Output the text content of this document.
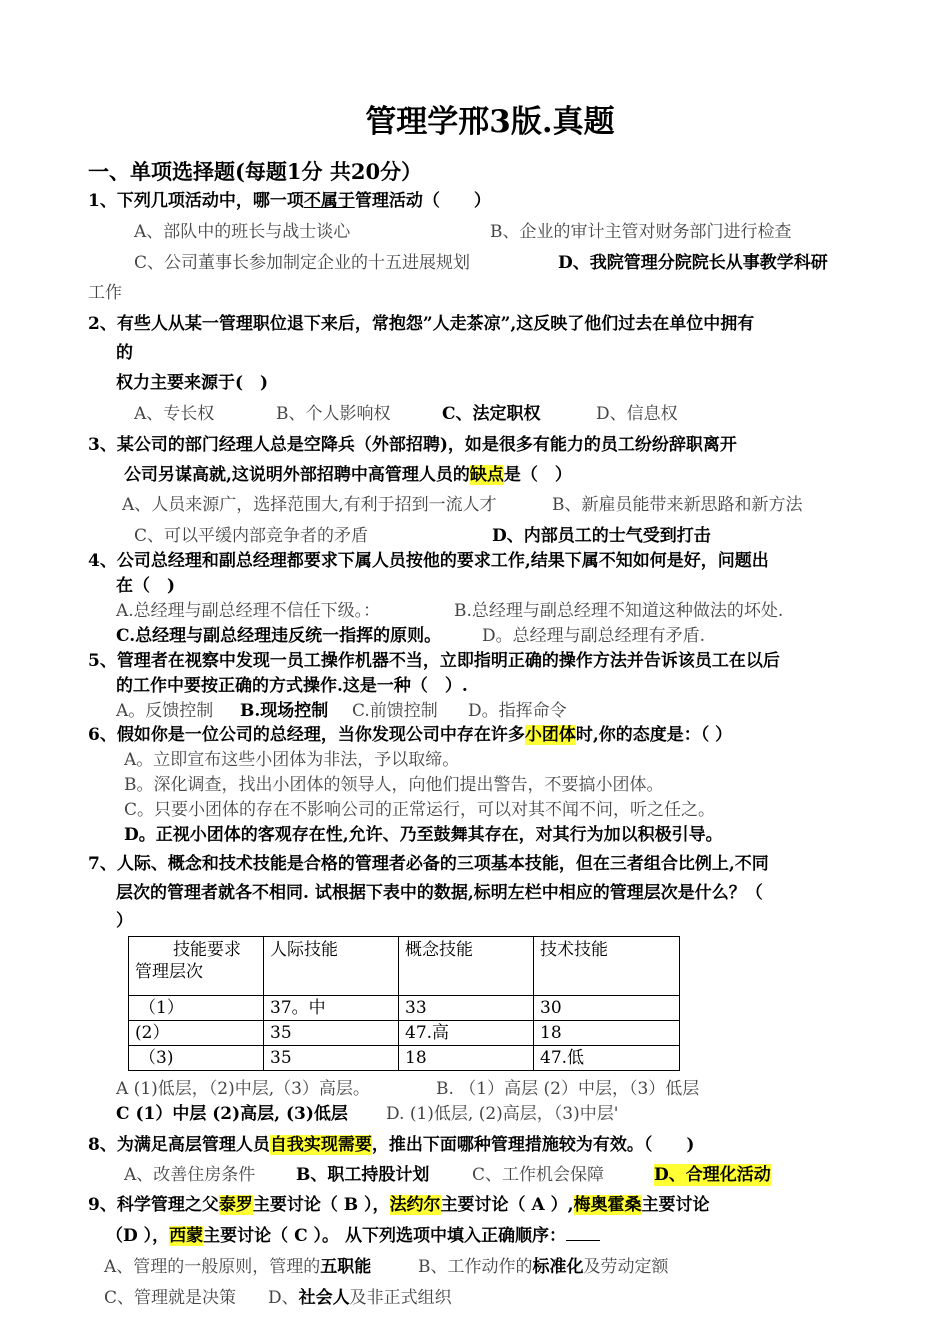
管理学邢3版.真题
一、单项选择题(每题1分 共20分）
1、下列几项活动中，哪一项不属于管理活动（　　）
A、部队中的班长与战士谈心	B、企业的审计主管对财务部门进行检查
C、公司董事长参加制定企业的十五进展规划	D、我院管理分院院长从事教学科研
工作
2、有些人从某一管理职位退下来后，常抱怨”人走茶凉”,这反映了他们过去在单位中拥有
的
权力主要来源于(　)
A、专长权	B、个人影响权	C、法定职权	D、信息权
3、某公司的部门经理人总是空降兵（外部招聘)，如是很多有能力的员工纷纷辞职离开
公司另谋高就,这说明外部招聘中高管理人员的缺点是（　）
A、人员来源广，选择范围大,有利于招到一流人才	B、新雇员能带来新思路和新方法
C、可以平缓内部竞争者的矛盾	D、内部员工的士气受到打击
4、公司总经理和副总经理都要求下属人员按他的要求工作,结果下属不知如何是好，问题出
在（　)
A.总经理与副总经理不信任下级。：	B.总经理与副总经理不知道这种做法的坏处.
C.总经理与副总经理违反统一指挥的原则。 D。总经理与副总经理有矛盾.
5、管理者在视察中发现一员工操作机器不当，立即指明正确的操作方法并告诉该员工在以后
的工作中要按正确的方式操作.这是一种（　）.
A。反馈控制 B.现场控制 C.前馈控制 D。指挥命令
6、假如你是一位公司的总经理，当你发现公司中存在许多小团体时,你的态度是：（ ）
A。立即宣布这些小团体为非法，予以取缔。
B。深化调查，找出小团体的领导人，向他们提出警告，不要搞小团体。
C。只要小团体的存在不影响公司的正常运行，可以对其不闻不问，听之任之。
D。正视小团体的客观存在性,允许、乃至鼓舞其存在，对其行为加以积极引导。
7、人际、概念和技术技能是合格的管理者必备的三项基本技能，但在三者组合比例上,不同
层次的管理者就各不相同. 试根据下表中的数据,标明左栏中相应的管理层次是什么？（
）
技能要求
管理层次	人际技能	概念技能	技术技能
（1）	37。中	33	30
(2）	35	47.高	18
（3)	35	18	47.低
A (1)低层，（2)中层,（3）高层。	B. （1）高层 (2）中层，（3）低层
C (1）中层 (2)高层, (3)低层 D. (1)低层, (2)高层，（3)中层'
8、为满足高层管理人员自我实现需要，推出下面哪种管理措施较为有效。（　　)
A、改善住房条件 B、职工持股计划	C、工作机会保障	D、合理化活动
9、科学管理之父泰罗主要讨论（ B ），法约尔主要讨论（ A ）,梅奥霍桑主要讨论
（D ），西蒙主要讨论（ C ）。 从下列选项中填入正确顺序：
A、管理的一般原则，管理的五职能	B、工作动作的标准化及劳动定额
C、管理就是决策 D、社会人及非正式组织
